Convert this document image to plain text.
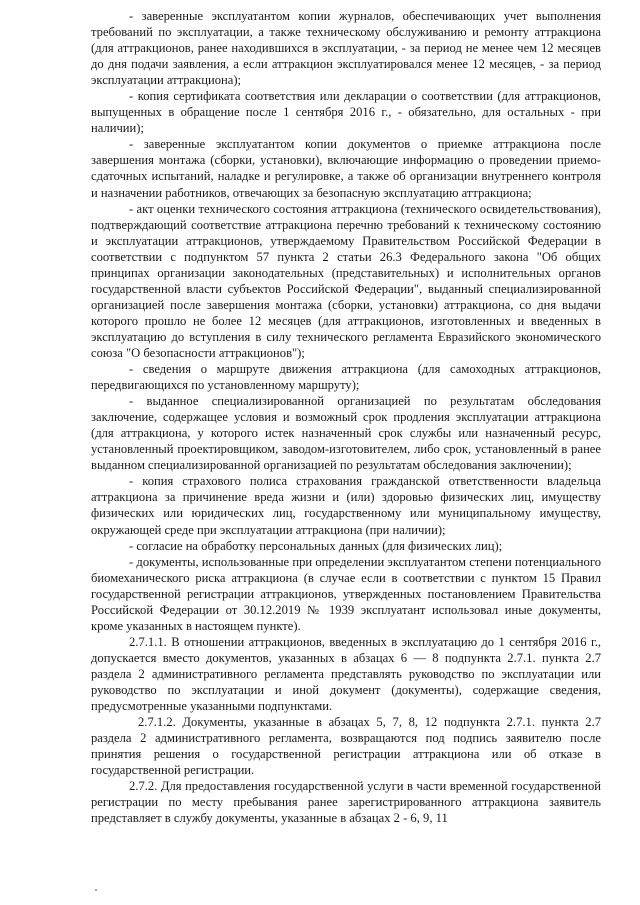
- заверенные эксплуатантом копии журналов, обеспечивающих учет выполнения требований по эксплуатации, а также техническому обслуживанию и ремонту аттракциона (для аттракционов, ранее находившихся в эксплуатации, - за период не менее чем 12 месяцев до дня подачи заявления, а если аттракцион эксплуатировался менее 12 месяцев, - за период эксплуатации аттракциона);

- копия сертификата соответствия или декларации о соответствии (для аттракционов, выпущенных в обращение после 1 сентября 2016 г., - обязательно, для остальных - при наличии);

- заверенные эксплуатантом копии документов о приемке аттракциона после завершения монтажа (сборки, установки), включающие информацию о проведении приемо-сдаточных испытаний, наладке и регулировке, а также об организации внутреннего контроля и назначении работников, отвечающих за безопасную эксплуатацию аттракциона;

- акт оценки технического состояния аттракциона (технического освидетельствования), подтверждающий соответствие аттракциона перечню требований к техническому состоянию и эксплуатации аттракционов, утверждаемому Правительством Российской Федерации в соответствии с подпунктом 57 пункта 2 статьи 26.3 Федерального закона "Об общих принципах организации законодательных (представительных) и исполнительных органов государственной власти субъектов Российской Федерации", выданный специализированной организацией после завершения монтажа (сборки, установки) аттракциона, со дня выдачи которого прошло не более 12 месяцев (для аттракционов, изготовленных и введенных в эксплуатацию до вступления в силу технического регламента Евразийского экономического союза "О безопасности аттракционов");

- сведения о маршруте движения аттракциона (для самоходных аттракционов, передвигающихся по установленному маршруту);

- выданное специализированной организацией по результатам обследования заключение, содержащее условия и возможный срок продления эксплуатации аттракциона (для аттракциона, у которого истек назначенный срок службы или назначенный ресурс, установленный проектировщиком, заводом-изготовителем, либо срок, установленный в ранее выданном специализированной организацией по результатам обследования заключении);

- копия страхового полиса страхования гражданской ответственности владельца аттракциона за причинение вреда жизни и (или) здоровью физических лиц, имуществу физических или юридических лиц, государственному или муниципальному имуществу, окружающей среде при эксплуатации аттракциона (при наличии);

- согласие на обработку персональных данных (для физических лиц);

- документы, использованные при определении эксплуатантом степени потенциального биомеханического риска аттракциона (в случае если в соответствии с пунктом 15 Правил государственной регистрации аттракционов, утвержденных постановлением Правительства Российской Федерации от 30.12.2019 № 1939 эксплуатант использовал иные документы, кроме указанных в настоящем пункте).

2.7.1.1. В отношении аттракционов, введенных в эксплуатацию до 1 сентября 2016 г., допускается вместо документов, указанных в абзацах 6 — 8 подпункта 2.7.1. пункта 2.7 раздела 2 административного регламента представлять руководство по эксплуатации или руководство по эксплуатации и иной документ (документы), содержащие сведения, предусмотренные указанными подпунктами.

2.7.1.2. Документы, указанные в абзацах 5, 7, 8, 12 подпункта 2.7.1. пункта 2.7 раздела 2 административного регламента, возвращаются под подпись заявителю после принятия решения о государственной регистрации аттракциона или об отказе в государственной регистрации.

2.7.2. Для предоставления государственной услуги в части временной государственной регистрации по месту пребывания ранее зарегистрированного аттракциона заявитель представляет в службу документы, указанные в абзацах 2 - 6, 9, 11
